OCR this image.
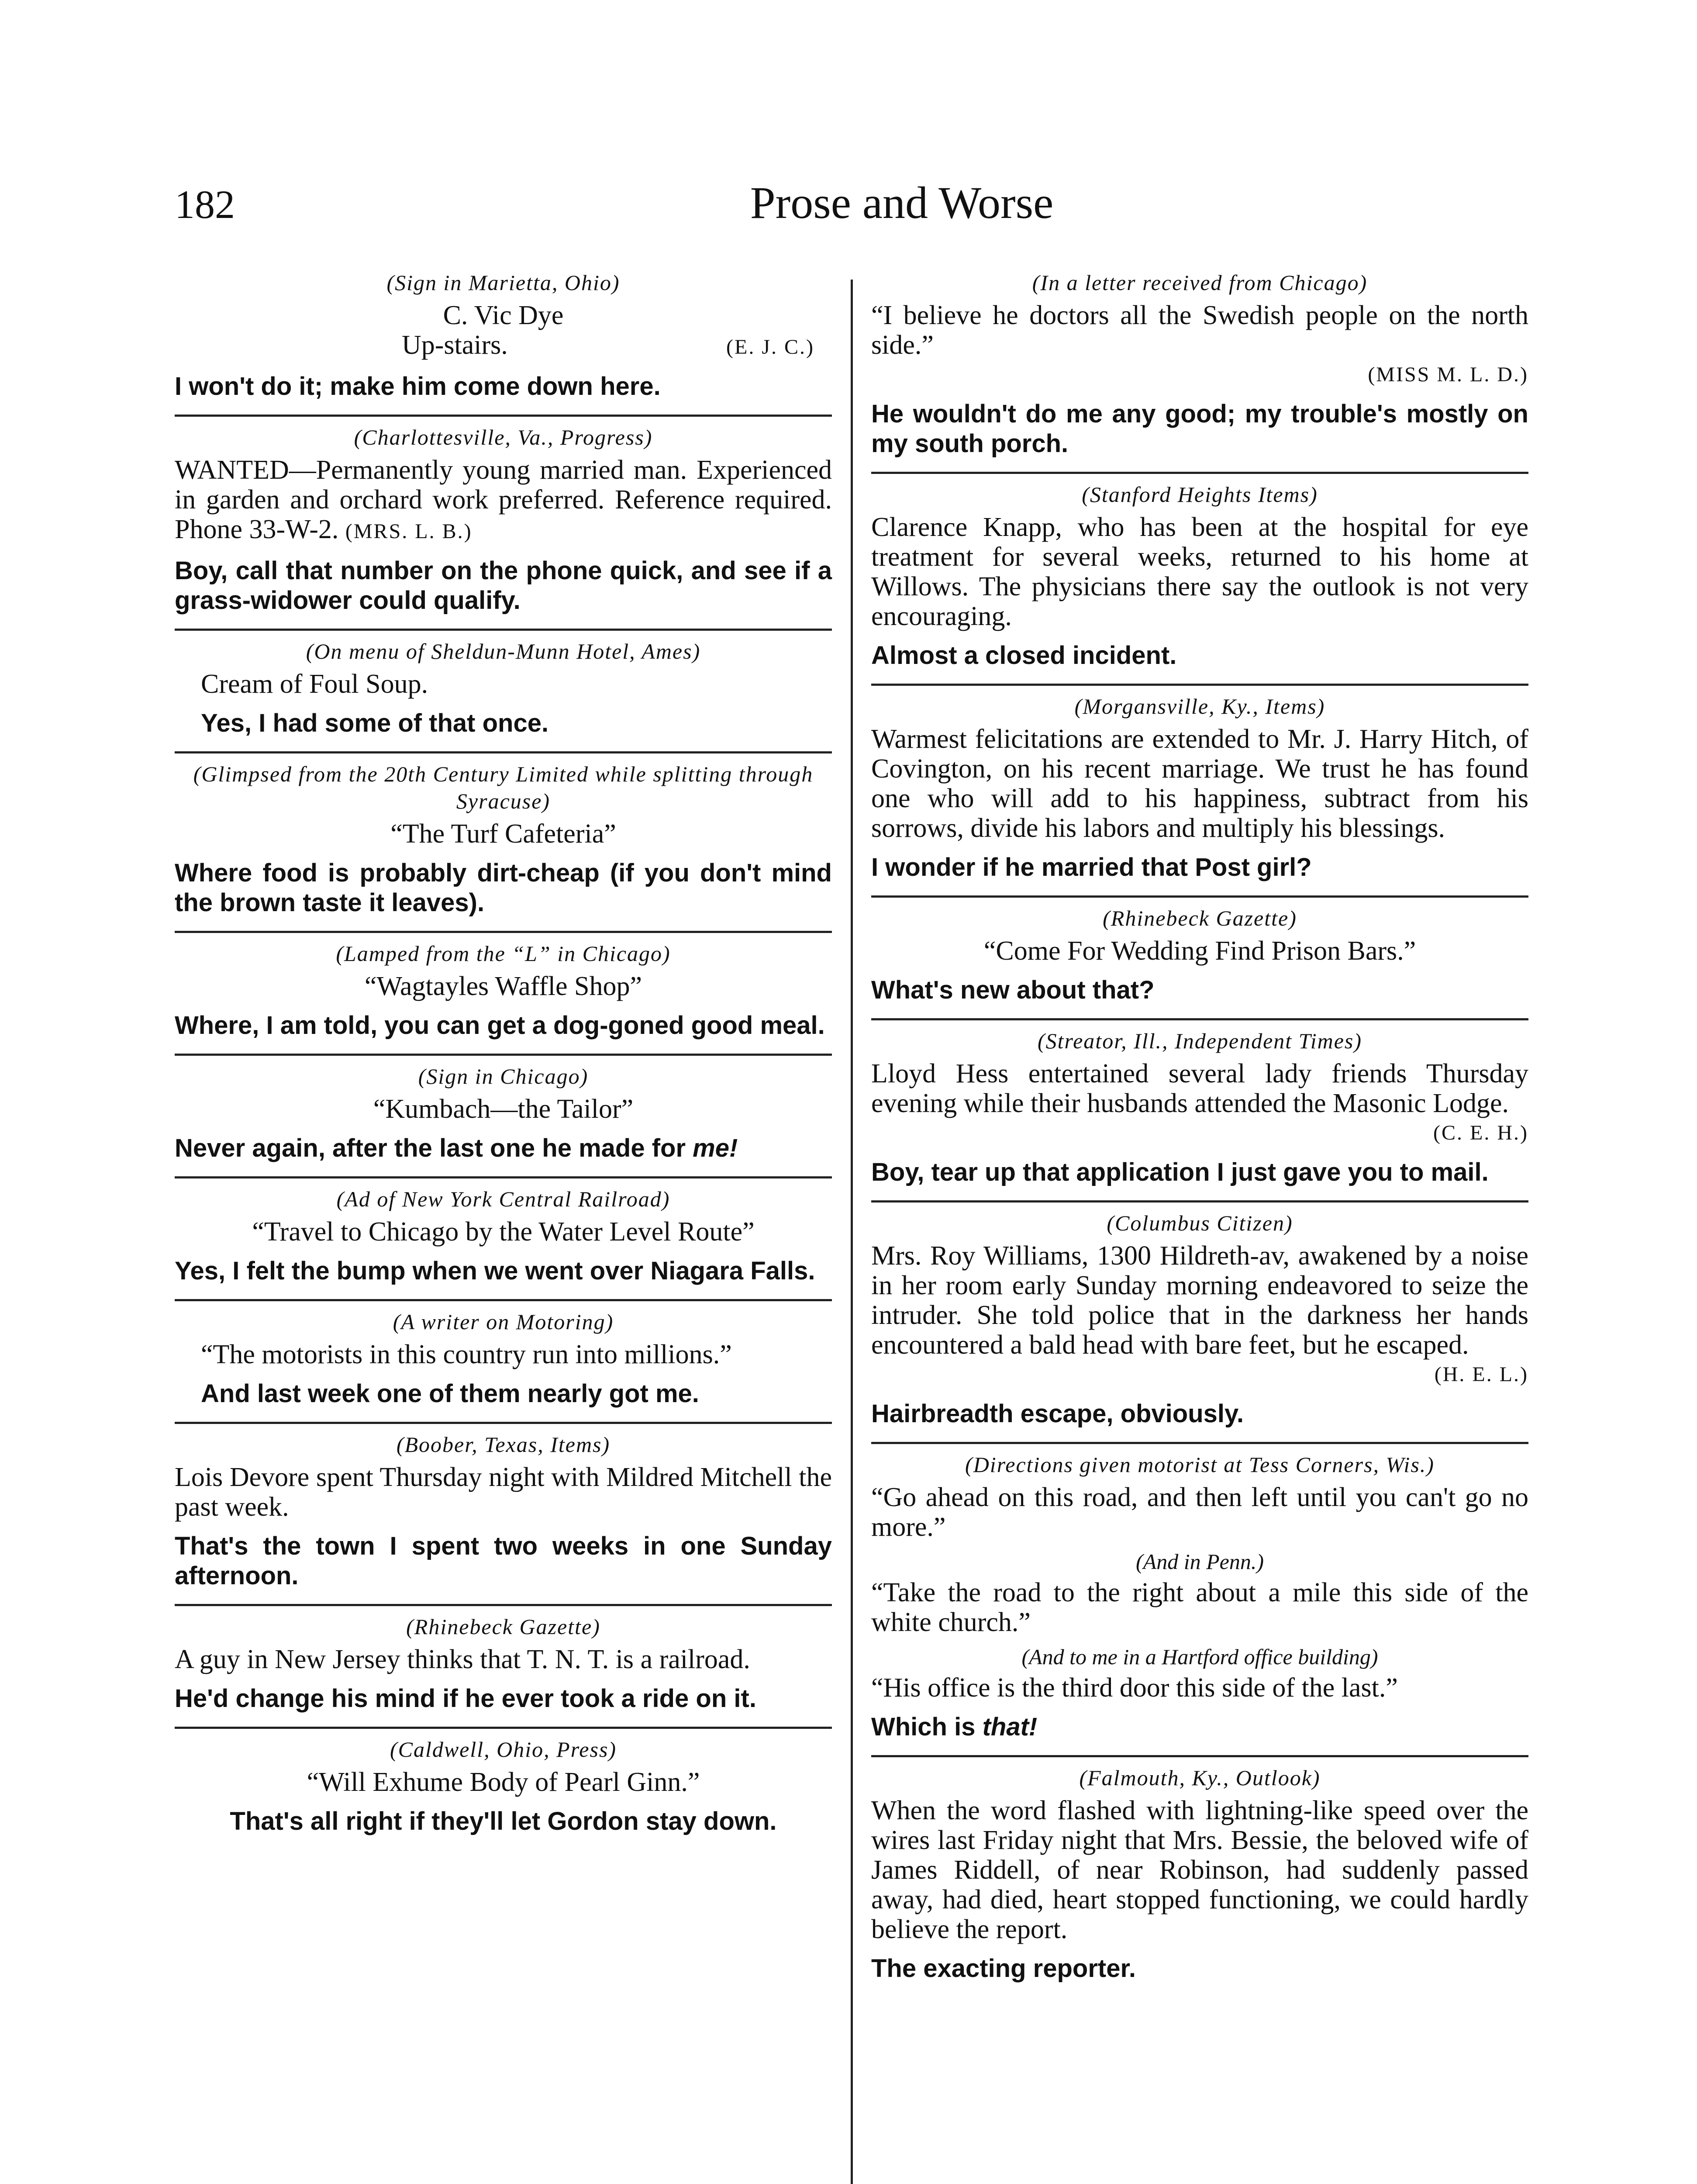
182	Prose and Worse
(Sign in Marietta, Ohio)
C. Vic Dye
Up-stairs.	(E. J. C.)
I won't do it; make him come down here.
(Charlottesville, Va., Progress)
WANTED—Permanently young married man. Experienced in garden and orchard work preferred. Reference required. Phone 33-W-2. (MRS. L. B.)
Boy, call that number on the phone quick, and see if a grass-widower could qualify.
(On menu of Sheldun-Munn Hotel, Ames)
Cream of Foul Soup.
Yes, I had some of that once.
(Glimpsed from the 20th Century Limited while splitting through Syracuse)
“The Turf Cafeteria”
Where food is probably dirt-cheap (if you don't mind the brown taste it leaves).
(Lamped from the “L” in Chicago)
“Wagtayles Waffle Shop”
Where, I am told, you can get a dog-goned good meal.
(Sign in Chicago)
“Kumbach—the Tailor”
Never again, after the last one he made for me!
(Ad of New York Central Railroad)
“Travel to Chicago by the Water Level Route”
Yes, I felt the bump when we went over Niagara Falls.
(A writer on Motoring)
“The motorists in this country run into millions.”
And last week one of them nearly got me.
(Boober, Texas, Items)
Lois Devore spent Thursday night with Mildred Mitchell the past week.
That's the town I spent two weeks in one Sunday afternoon.
(Rhinebeck Gazette)
A guy in New Jersey thinks that T. N. T. is a railroad.
He'd change his mind if he ever took a ride on it.
(Caldwell, Ohio, Press)
“Will Exhume Body of Pearl Ginn.”
That's all right if they'll let Gordon stay down.
(In a letter received from Chicago)
“I believe he doctors all the Swedish people on the north side.”
(MISS M. L. D.)
He wouldn't do me any good; my trouble's mostly on my south porch.
(Stanford Heights Items)
Clarence Knapp, who has been at the hospital for eye treatment for several weeks, returned to his home at Willows. The physicians there say the outlook is not very encouraging.
Almost a closed incident.
(Morgansville, Ky., Items)
Warmest felicitations are extended to Mr. J. Harry Hitch, of Covington, on his recent marriage. We trust he has found one who will add to his happiness, subtract from his sorrows, divide his labors and multiply his blessings.
I wonder if he married that Post girl?
(Rhinebeck Gazette)
“Come For Wedding Find Prison Bars.”
What's new about that?
(Streator, Ill., Independent Times)
Lloyd Hess entertained several lady friends Thursday evening while their husbands attended the Masonic Lodge.
(C. E. H.)
Boy, tear up that application I just gave you to mail.
(Columbus Citizen)
Mrs. Roy Williams, 1300 Hildreth-av, awakened by a noise in her room early Sunday morning endeavored to seize the intruder. She told police that in the darkness her hands encountered a bald head with bare feet, but he escaped.
(H. E. L.)
Hairbreadth escape, obviously.
(Directions given motorist at Tess Corners, Wis.)
“Go ahead on this road, and then left until you can't go no more.”
(And in Penn.)
“Take the road to the right about a mile this side of the white church.”
(And to me in a Hartford office building)
“His office is the third door this side of the last.”
Which is that!
(Falmouth, Ky., Outlook)
When the word flashed with lightning-like speed over the wires last Friday night that Mrs. Bessie, the beloved wife of James Riddell, of near Robinson, had suddenly passed away, had died, heart stopped functioning, we could hardly believe the report.
The exacting reporter.
